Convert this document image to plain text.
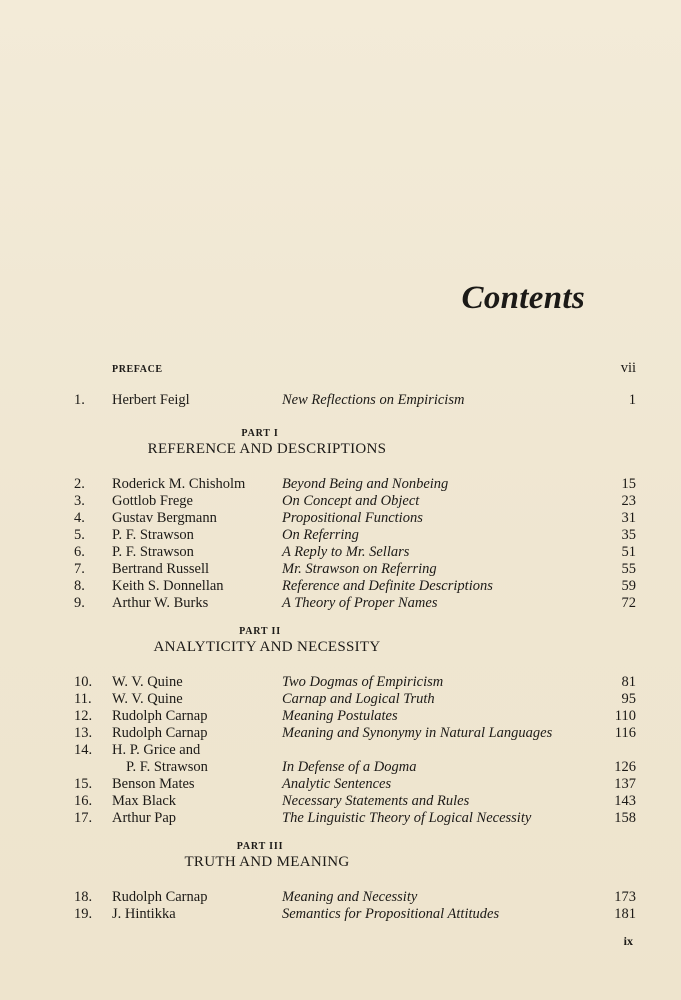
Contents
PREFACE	vii
1. Herbert Feigl	New Reflections on Empiricism	1
PART I
REFERENCE AND DESCRIPTIONS
2. Roderick M. Chisholm	Beyond Being and Nonbeing	15
3. Gottlob Frege	On Concept and Object	23
4. Gustav Bergmann	Propositional Functions	31
5. P. F. Strawson	On Referring	35
6. P. F. Strawson	A Reply to Mr. Sellars	51
7. Bertrand Russell	Mr. Strawson on Referring	55
8. Keith S. Donnellan	Reference and Definite Descriptions	59
9. Arthur W. Burks	A Theory of Proper Names	72
PART II
ANALYTICITY AND NECESSITY
10. W. V. Quine	Two Dogmas of Empiricism	81
11. W. V. Quine	Carnap and Logical Truth	95
12. Rudolph Carnap	Meaning Postulates	110
13. Rudolph Carnap	Meaning and Synonymy in Natural Languages	116
14. H. P. Grice and
P. F. Strawson	In Defense of a Dogma	126
15. Benson Mates	Analytic Sentences	137
16. Max Black	Necessary Statements and Rules	143
17. Arthur Pap	The Linguistic Theory of Logical Necessity	158
PART III
TRUTH AND MEANING
18. Rudolph Carnap	Meaning and Necessity	173
19. J. Hintikka	Semantics for Propositional Attitudes	181
ix
